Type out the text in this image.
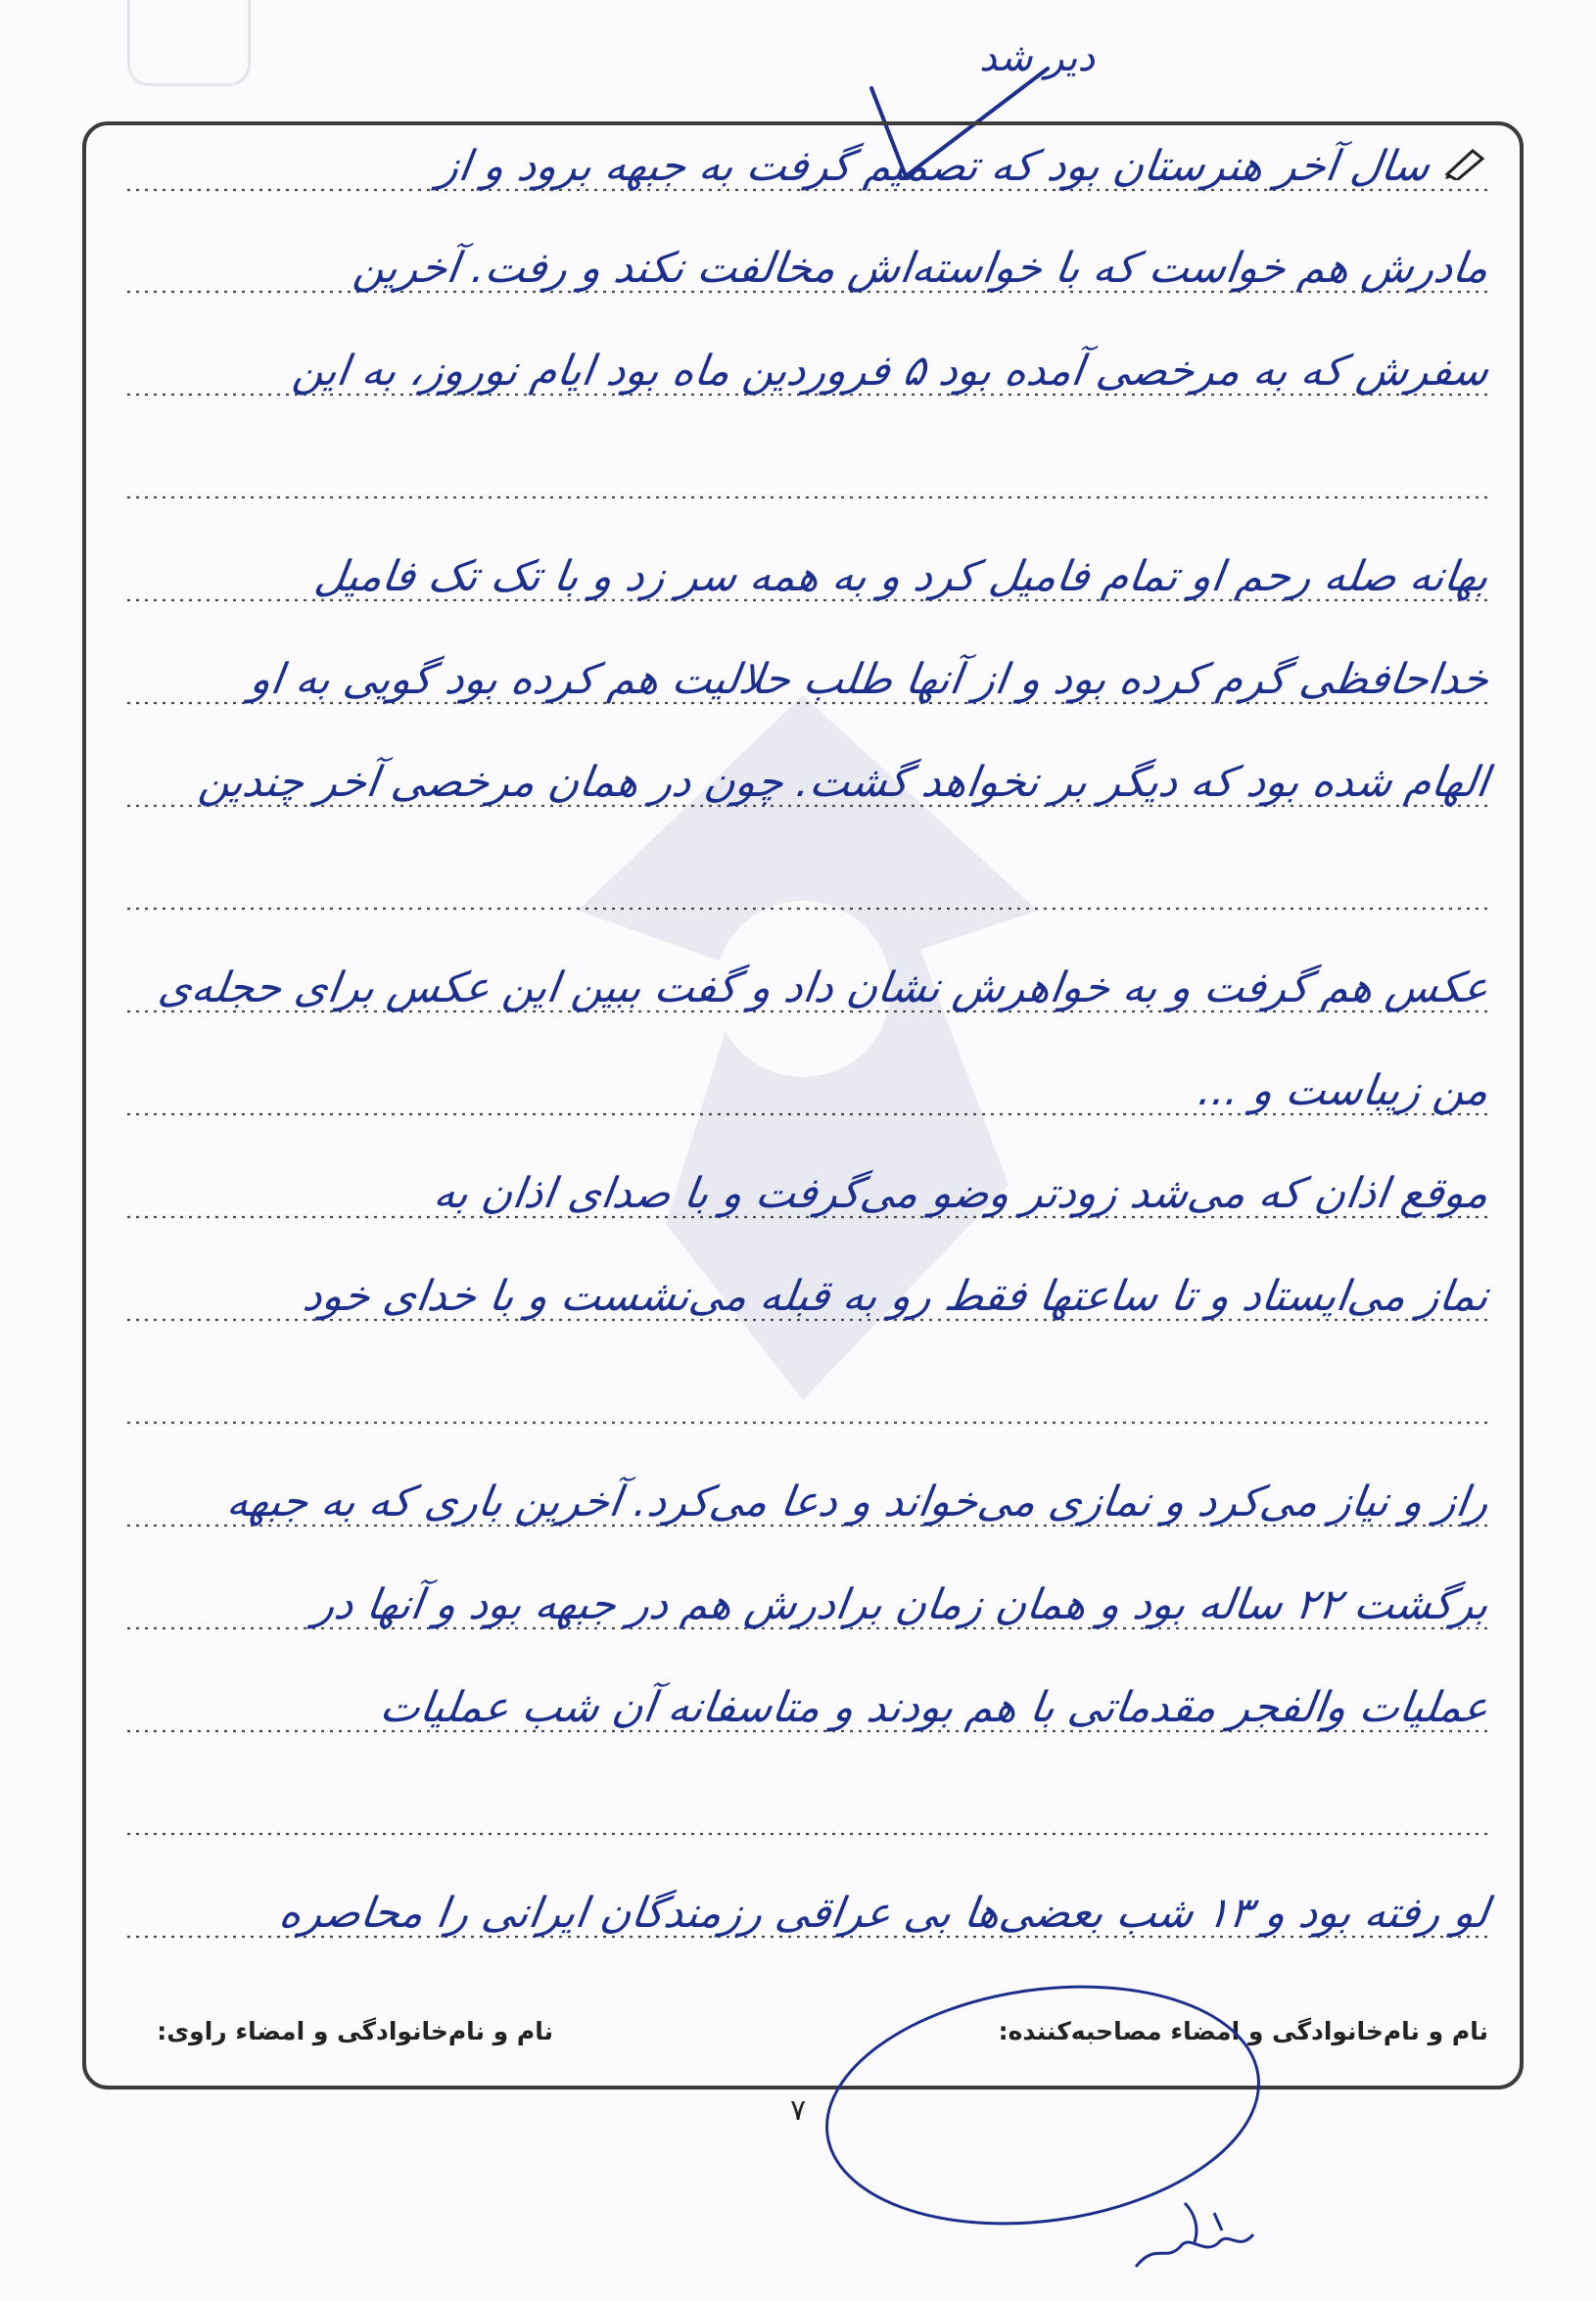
دیر شد
سال آخر هنرستان بود که تصمیم گرفت به جبهه برود و از
مادرش هم خواست که با خواسته‌اش مخالفت نکند و رفت. آخرین
سفرش که به مرخصی آمده بود ۵ فروردین ماه بود ایام نوروز، به این
بهانه صله رحم او تمام فامیل کرد و به همه سر زد و با تک تک فامیل
خداحافظی گرم کرده بود و از آنها طلب حلالیت هم کرده بود گویی به او
الهام شده بود که دیگر بر نخواهد گشت. چون در همان مرخصی آخر چندین
عکس هم گرفت و به خواهرش نشان داد و گفت ببین این عکس برای حجله‌ی
من زیباست و ...
موقع اذان که می‌شد زودتر وضو می‌گرفت و با صدای اذان به
نماز می‌ایستاد و تا ساعتها فقط رو به قبله می‌نشست و با خدای خود
راز و نیاز می‌کرد و نمازی می‌خواند و دعا می‌کرد. آخرین باری که به جبهه
برگشت ۲۲ ساله بود و همان زمان برادرش هم در جبهه بود و آنها در
عملیات والفجر مقدماتی با هم بودند و متاسفانه آن شب عملیات
لو رفته بود و ۱۳ شب بعضی‌ها بی عراقی رزمندگان ایرانی را محاصره
نام و نام‌خانوادگی و امضاء مصاحبه‌کننده:
نام و نام‌خانوادگی و امضاء راوی:
۷
